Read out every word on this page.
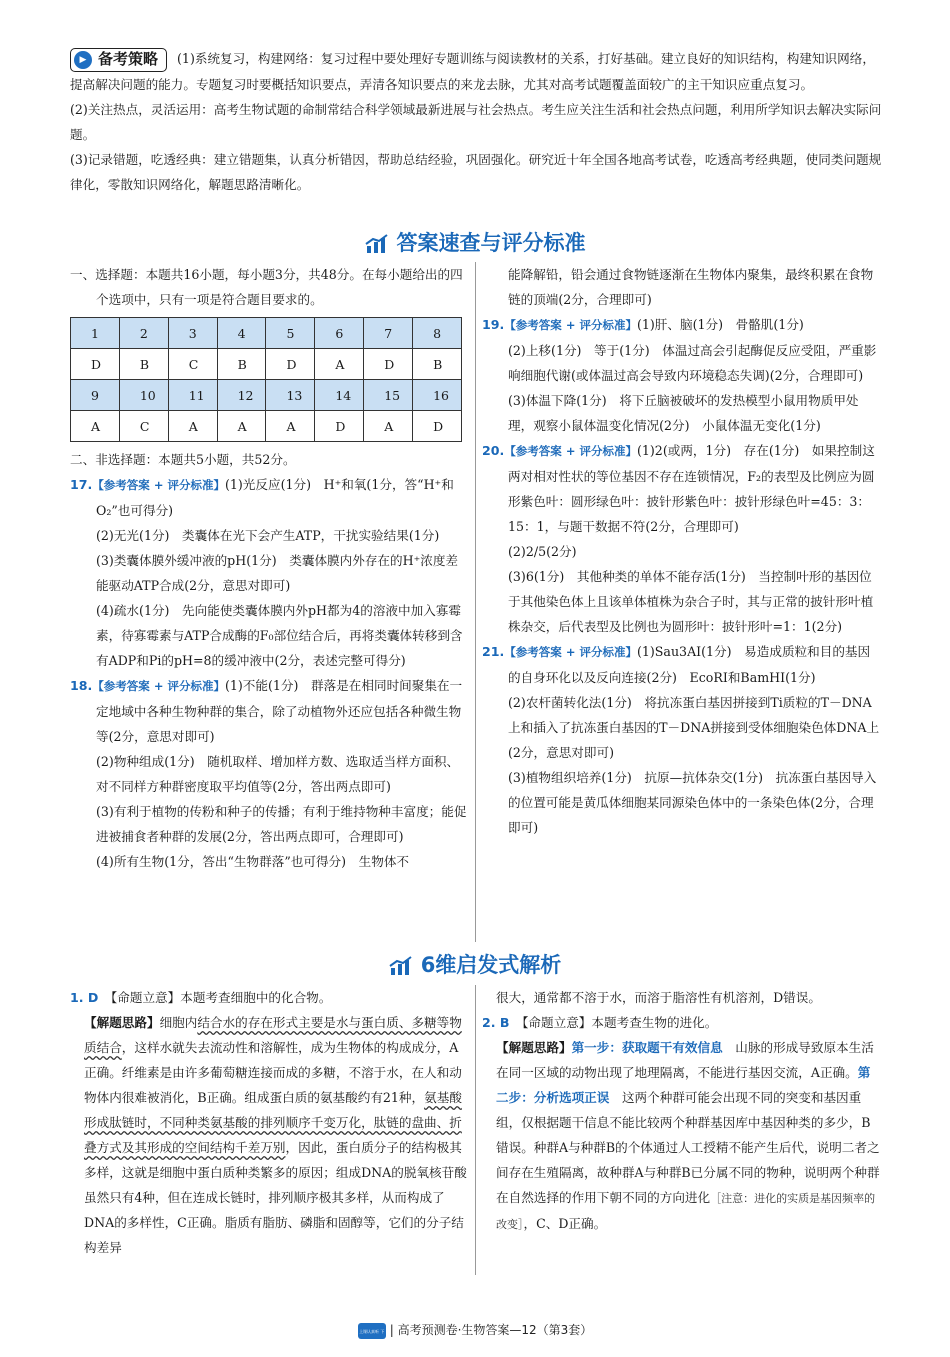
▶ 备考策略 (1)系统复习，构建网络：复习过程中要处理好专题训练与阅读教材的关系，打好基础。建立良好的知识结构，构建知识网络，提高解决问题的能力。专题复习时要概括知识要点，弄清各知识要点的来龙去脉，尤其对高考试题覆盖面较广的主干知识应重点复习。

(2)关注热点，灵活运用：高考生物试题的命制常结合科学领域最新进展与社会热点。考生应关注生活和社会热点问题，利用所学知识去解决实际问题。

(3)记录错题，吃透经典：建立错题集，认真分析错因，帮助总结经验，巩固强化。研究近十年全国各地高考试卷，吃透高考经典题，使同类问题规律化，零散知识网络化，解题思路清晰化。

答案速查与评分标准

一、选择题：本题共16小题，每小题3分，共48分。在每小题给出的四个选项中，只有一项是符合题目要求的。

1	2	3	4	5	6	7	8
D	B	C	B	D	A	D	B
9	10	11	12	13	14	15	16
A	C	A	A	A	D	A	D

二、非选择题：本题共5小题，共52分。

17.【参考答案 + 评分标准】(1)光反应(1分)　H⁺和氧(1分，答“H⁺和O₂”也可得分)

(2)无光(1分)　类囊体在光下会产生ATP，干扰实验结果(1分)

(3)类囊体膜外缓冲液的pH(1分)　类囊体膜内外存在的H⁺浓度差能驱动ATP合成(2分，意思对即可)

(4)疏水(1分)　先向能使类囊体膜内外pH都为4的溶液中加入寡霉素，待寡霉素与ATP合成酶的F₀部位结合后，再将类囊体转移到含有ADP和Pi的pH=8的缓冲液中(2分，表述完整可得分)

18.【参考答案 + 评分标准】(1)不能(1分)　群落是在相同时间聚集在一定地域中各种生物种群的集合，除了动植物外还应包括各种微生物等(2分，意思对即可)

(2)物种组成(1分)　随机取样、增加样方数、选取适当样方面积、对不同样方种群密度取平均值等(2分，答出两点即可)

(3)有利于植物的传粉和种子的传播；有利于维持物种丰富度；能促进被捕食者种群的发展(2分，答出两点即可，合理即可)

(4)所有生物(1分，答出“生物群落”也可得分)　生物体不

能降解铅，铅会通过食物链逐渐在生物体内聚集，最终积累在食物链的顶端(2分，合理即可)

19.【参考答案 + 评分标准】(1)肝、脑(1分)　骨骼肌(1分)

(2)上移(1分)　等于(1分)　体温过高会引起酶促反应受阻，严重影响细胞代谢(或体温过高会导致内环境稳态失调)(2分，合理即可)

(3)体温下降(1分)　将下丘脑被破坏的发热模型小鼠用物质甲处理，观察小鼠体温变化情况(2分)　小鼠体温无变化(1分)

20.【参考答案 + 评分标准】(1)2(或两，1分)　存在(1分)　如果控制这两对相对性状的等位基因不存在连锁情况，F₂的表型及比例应为圆形紫色叶：圆形绿色叶：披针形紫色叶：披针形绿色叶=45：3：15：1，与题干数据不符(2分，合理即可)

(2)2/5(2分)

(3)6(1分)　其他种类的单体不能存活(1分)　当控制叶形的基因位于其他染色体上且该单体植株为杂合子时，其与正常的披针形叶植株杂交，后代表型及比例也为圆形叶：披针形叶=1：1(2分)

21.【参考答案 + 评分标准】(1)Sau3AⅠ(1分)　易造成质粒和目的基因的自身环化以及反向连接(2分)　EcoRⅠ和BamHⅠ(1分)

(2)农杆菌转化法(1分)　将抗冻蛋白基因拼接到Ti质粒的T－DNA上和插入了抗冻蛋白基因的T－DNA拼接到受体细胞染色体DNA上(2分，意思对即可)

(3)植物组织培养(1分)　抗原—抗体杂交(1分)　抗冻蛋白基因导入的位置可能是黄瓜体细胞某同源染色体中的一条染色体(2分，合理即可)

6维启发式解析

1. D　 【命题立意】本题考查细胞中的化合物。

【解题思路】细胞内结合水的存在形式主要是水与蛋白质、多糖等物质结合，这样水就失去流动性和溶解性，成为生物体的构成成分，A正确。纤维素是由许多葡萄糖连接而成的多糖，不溶于水，在人和动物体内很难被消化，B正确。组成蛋白质的氨基酸约有21种，氨基酸形成肽链时，不同种类氨基酸的排列顺序千变万化，肽链的盘曲、折叠方式及其形成的空间结构千差万别，因此，蛋白质分子的结构极其多样，这就是细胞中蛋白质种类繁多的原因；组成DNA的脱氧核苷酸虽然只有4种，但在连成长链时，排列顺序极其多样，从而构成了DNA的多样性，C正确。脂质有脂肪、磷脂和固醇等，它们的分子结构差异

很大，通常都不溶于水，而溶于脂溶性有机溶剂，D错误。

2. B　 【命题立意】本题考查生物的进化。

【解题思路】第一步：获取题干有效信息　山脉的形成导致原本生活在同一区域的动物出现了地理隔离，不能进行基因交流，A正确。第二步：分析选项正误　这两个种群可能会出现不同的突变和基因重组，仅根据题干信息不能比较两个种群基因库中基因种类的多少，B错误。种群A与种群B的个体通过人工授精不能产生后代，说明二者之间存在生殖隔离，故种群A与种群B已分属不同的物种，说明两个种群在自然选择的作用下朝不同的方向进化［注意：进化的实质是基因频率的改变］，C、D正确。

上课认真听 下课练天星| 高考预测卷·生物答案—12（第3套）
